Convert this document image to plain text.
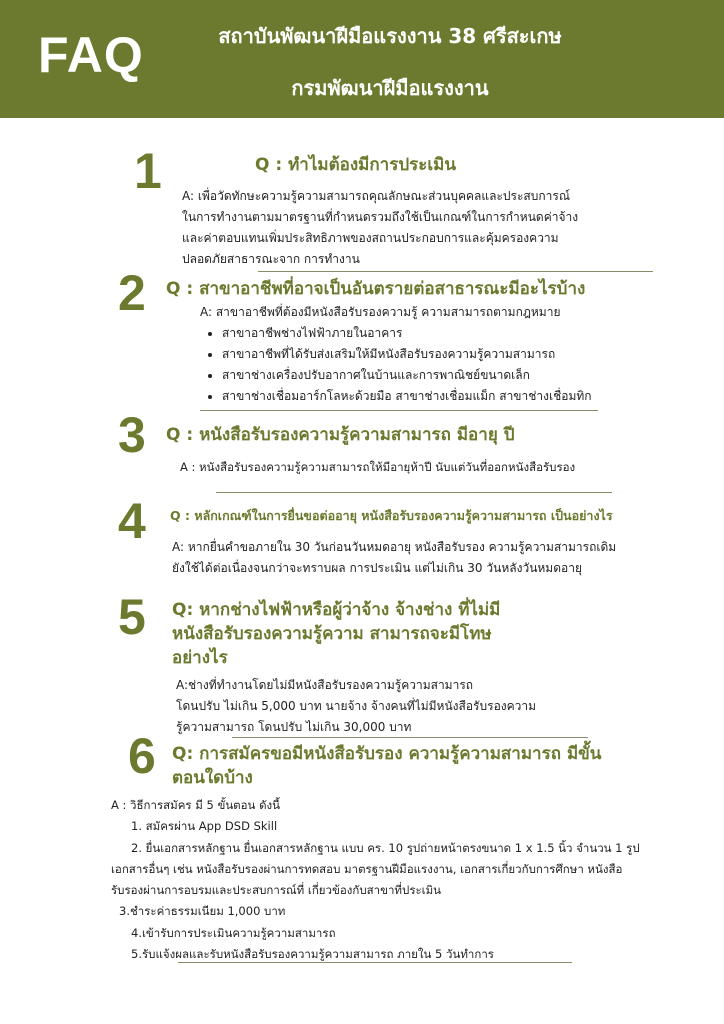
FAQ	สถาบันพัฒนาฝีมือแรงงาน 38 ศรีสะเกษ
กรมพัฒนาฝีมือแรงงาน
1	Q : ทำไมต้องมีการประเมิน

A: เพื่อวัดทักษะความรู้ความสามารถคุณลักษณะส่วนบุคคลและประสบการณ์

ในการทำงานตามมาตรฐานที่กำหนดรวมถึงใช้เป็นเกณฑ์ในการกำหนดค่าจ้าง

และค่าตอบแทนเพิ่มประสิทธิภาพของสถานประกอบการและคุ้มครองความ

ปลอดภัยสาธารณะจาก การทำงาน

2 Q : สาขาอาชีพที่อาจเป็นอันตรายต่อสาธารณะมีอะไรบ้าง

A: สาขาอาชีพที่ต้องมีหนังสือรับรองความรู้ ความสามารถตามกฎหมาย

• สาขาอาชีพช่างไฟฟ้าภายในอาคาร
• สาขาอาชีพที่ได้รับส่งเสริมให้มีหนังสือรับรองความรู้ความสามารถ
• สาขาช่างเครื่องปรับอากาศในบ้านและการพาณิชย์ขนาดเล็ก
• สาขาช่างเชื่อมอาร์กโลหะด้วยมือ สาขาช่างเชื่อมแม็ก สาขาช่างเชื่อมทิก
3 Q : หนังสือรับรองความรู้ความสามารถ มีอายุ ปี

A : หนังสือรับรองความรู้ความสามารถให้มีอายุห้าปี นับแต่วันที่ออกหนังสือรับรอง

4 Q : หลักเกณฑ์ในการยื่นขอต่ออายุ หนังสือรับรองความรู้ความสามารถ เป็นอย่างไร

A: หากยื่นคำขอภายใน 30 วันก่อนวันหมดอายุ หนังสือรับรอง ความรู้ความสามารถเดิม

ยังใช้ได้ต่อเนื่องจนกว่าจะทราบผล การประเมิน แต่ไม่เกิน 30 วันหลังวันหมดอายุ

5 Q: หากช่างไฟฟ้าหรือผู้ว่าจ้าง จ้างช่าง ที่ไม่มี
หนังสือรับรองความรู้ความ สามารถจะมีโทษ
อย่างไร

A:ช่างที่ทำงานโดยไม่มีหนังสือรับรองความรู้ความสามารถ

โดนปรับ ไม่เกิน 5,000 บาท นายจ้าง จ้างคนที่ไม่มีหนังสือรับรองความ

รู้ความสามารถ โดนปรับ ไม่เกิน 30,000 บาท

6 Q: การสมัครขอมีหนังสือรับรอง ความรู้ความสามารถ มีขั้น
ตอนใดบ้าง

A : วิธีการสมัคร มี 5 ขั้นตอน ดังนี้

1. สมัครผ่าน App DSD Skill

2. ยื่นเอกสารหลักฐาน ยื่นเอกสารหลักฐาน แบบ คร. 10 รูปถ่ายหน้าตรงขนาด 1 x 1.5 นิ้ว จำนวน 1 รูป

เอกสารอื่นๆ เช่น หนังสือรับรองผ่านการทดสอบ มาตรฐานฝีมือแรงงาน, เอกสารเกี่ยวกับการศึกษา หนังสือ

รับรองผ่านการอบรมและประสบการณ์ที่ เกี่ยวข้องกับสาขาที่ประเมิน

3.ชำระค่าธรรมเนียม 1,000 บาท

4.เข้ารับการประเมินความรู้ความสามารถ

5.รับแจ้งผลและรับหนังสือรับรองความรู้ความสามารถ ภายใน 5 วันทำการ
